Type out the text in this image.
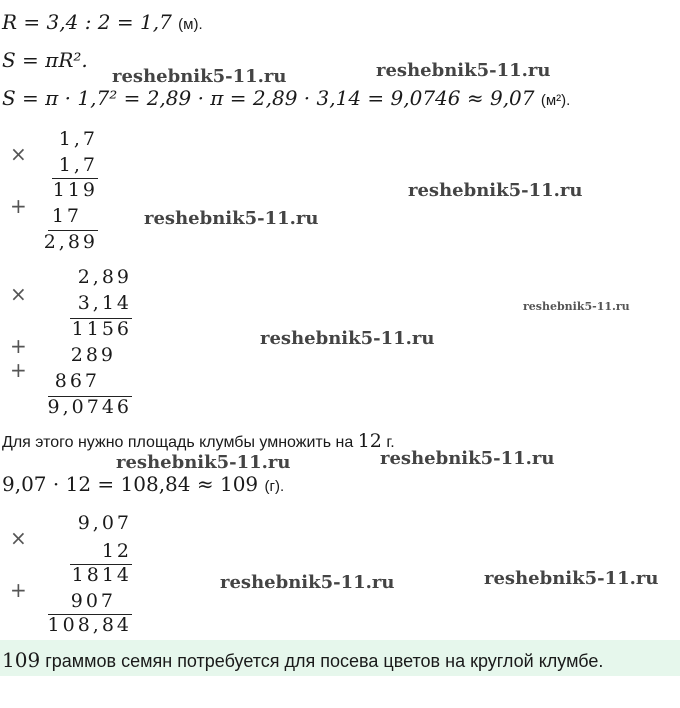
R = 3,4 : 2 = 1,7 (м).
S = πR².
S = π · 1,7² = 2,89 · π = 2,89 · 3,14 = 9,0746 ≈ 9,07 (м²).
reshebnik5-11.ru	reshebnik5-11.ru
reshebnik5-11.ru
reshebnik5-11.ru
reshebnik5-11.ru
reshebnik5-11.ru
reshebnik5-11.ru	reshebnik5-11.ru
reshebnik5-11.ru	reshebnik5-11.ru
×
1,7
1,7
119
+ 17
2,89
×
2,89
3,14
1156
+ 289
+ 867
9,0746
Для этого нужно площадь клумбы умножить на 12 г.
9,07 · 12 = 108,84 ≈ 109 (г).
×
9,07
12
1814
+ 907
108,84
109 граммов семян потребуется для посева цветов на круглой клумбе.
